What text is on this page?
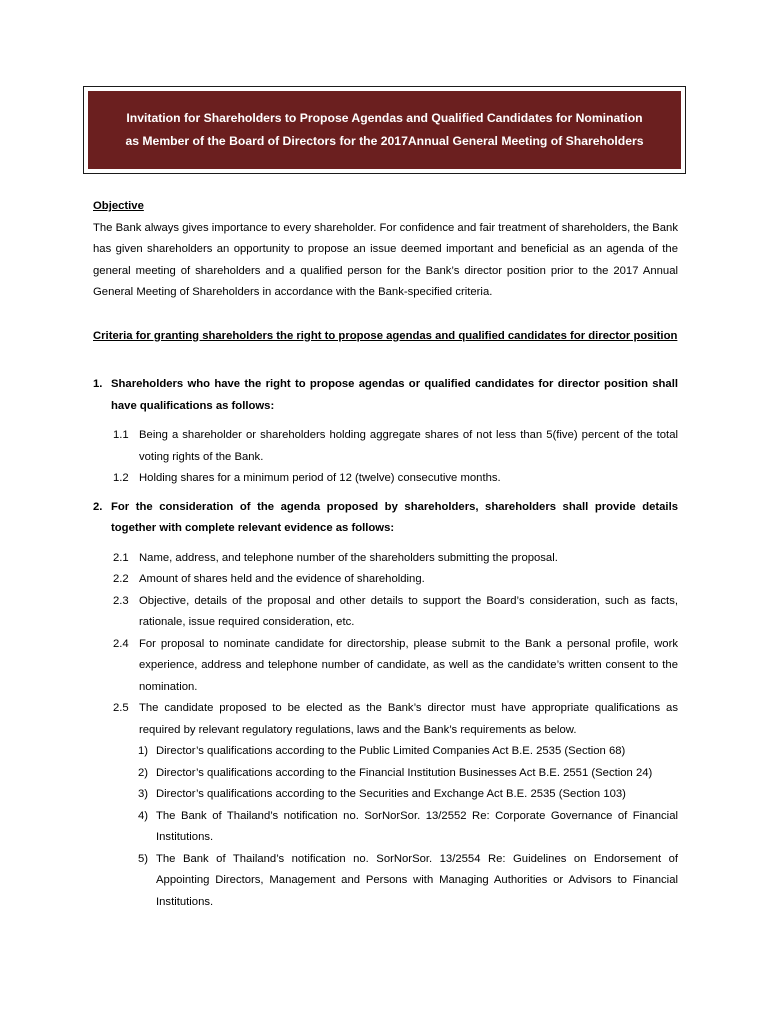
Invitation for Shareholders to Propose Agendas and Qualified Candidates for Nomination
as Member of the Board of Directors for the 2017Annual General Meeting of Shareholders
Objective

The Bank always gives importance to every shareholder. For confidence and fair treatment of shareholders, the Bank has given shareholders an opportunity to propose an issue deemed important and beneficial as an agenda of the general meeting of shareholders and a qualified person for the Bank’s director position prior to the 2017 Annual General Meeting of Shareholders in accordance with the Bank-specified criteria.

Criteria for granting shareholders the right to propose agendas and qualified candidates for director position
1. Shareholders who have the right to propose agendas or qualified candidates for director position shall have qualifications as follows:
1.1 Being a shareholder or shareholders holding aggregate shares of not less than 5(five) percent of the total voting rights of the Bank.
1.2 Holding shares for a minimum period of 12 (twelve) consecutive months.
2. For the consideration of the agenda proposed by shareholders, shareholders shall provide details together with complete relevant evidence as follows:
2.1 Name, address, and telephone number of the shareholders submitting the proposal.
2.2 Amount of shares held and the evidence of shareholding.
2.3 Objective, details of the proposal and other details to support the Board’s consideration, such as facts, rationale, issue required consideration, etc.
2.4 For proposal to nominate candidate for directorship, please submit to the Bank a personal profile, work experience, address and telephone number of candidate, as well as the candidate’s written consent to the nomination.
2.5 The candidate proposed to be elected as the Bank’s director must have appropriate qualifications as required by relevant regulatory regulations, laws and the Bank’s requirements as below.
1) Director’s qualifications according to the Public Limited Companies Act B.E. 2535 (Section 68)
2) Director’s qualifications according to the Financial Institution Businesses Act B.E. 2551 (Section 24)
3) Director’s qualifications according to the Securities and Exchange Act B.E. 2535 (Section 103)
4) The Bank of Thailand’s notification no. SorNorSor. 13/2552 Re: Corporate Governance of Financial Institutions.
5) The Bank of Thailand’s notification no. SorNorSor. 13/2554 Re: Guidelines on Endorsement of Appointing Directors, Management and Persons with Managing Authorities or Advisors to Financial Institutions.
